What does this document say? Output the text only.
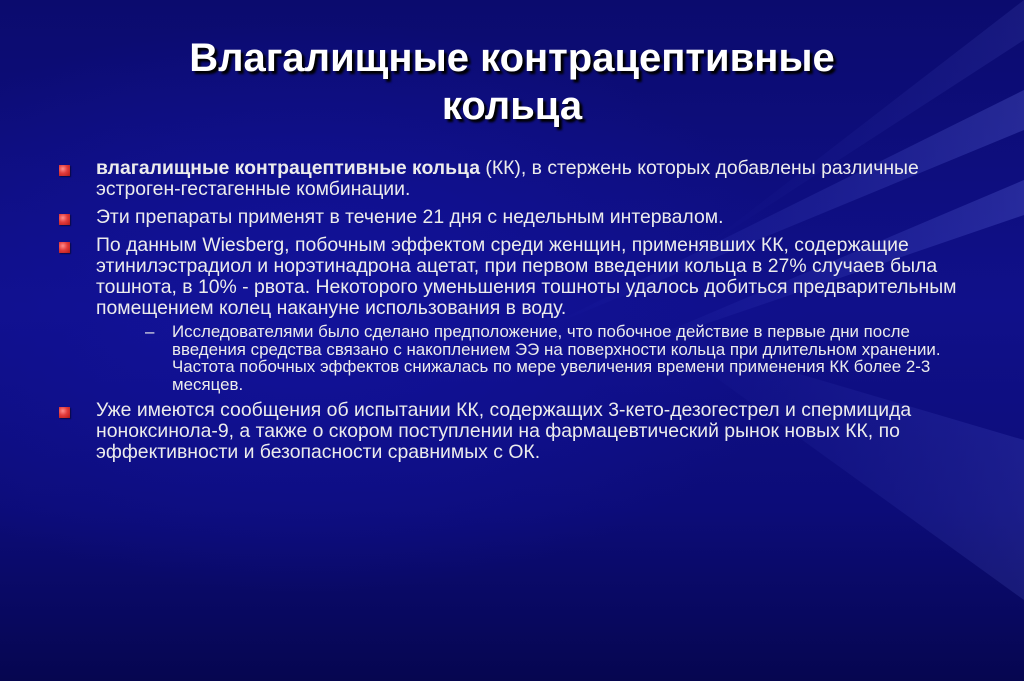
Влагалищные контрацептивные
кольца
влагалищные контрацептивные кольца (КК), в стержень которых добавлены различные эстроген-гестагенные комбинации.
Эти препараты применят в течение 21 дня с недельным интервалом.
По данным Wiesberg, побочным эффектом среди женщин, применявших КК, содержащие этинилэстрадиол и норэтинадрона ацетат, при первом введении кольца в 27% случаев была тошнота, в 10% - рвота. Некоторого уменьшения тошноты удалось добиться предварительным помещением колец накануне использования в воду.
– Исследователями было сделано предположение, что побочное действие в первые дни после введения средства связано с накоплением ЭЭ на поверхности кольца при длительном хранении. Частота побочных эффектов снижалась по мере увеличения времени применения КК более 2-3 месяцев.
Уже имеются сообщения об испытании КК, содержащих 3-кето-дезогестрел и спермицида ноноксинола-9, а также о скором поступлении на фармацевтический рынок новых КК, по эффективности и безопасности сравнимых с ОК.
